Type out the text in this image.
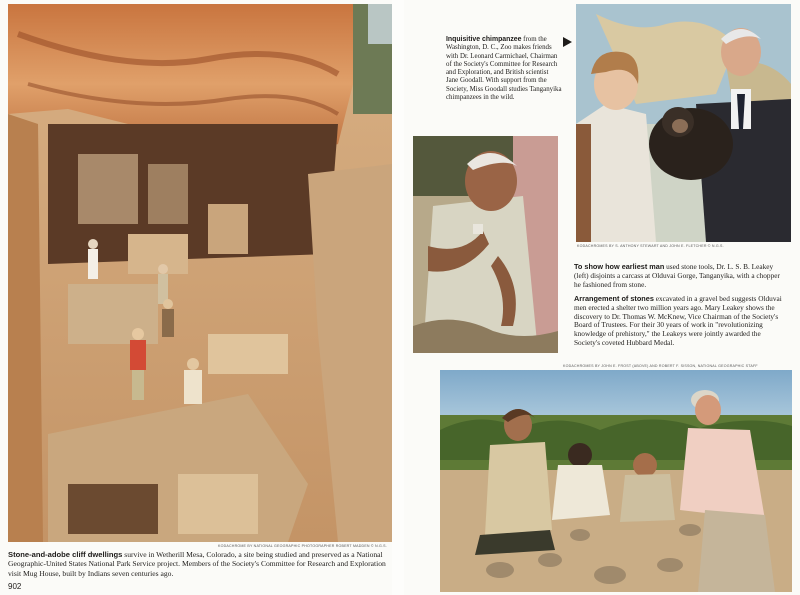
KODACHROME BY NATIONAL GEOGRAPHIC PHOTOGRAPHER ROBERT MADDEN © N.G.S.
Stone-and-adobe cliff dwellings survive in Wetherill Mesa, Colorado, a site being studied and preserved as a National Geographic-United States National Park Service project. Members of the Society's Committee for Research and Exploration visit Mug House, built by Indians seven centuries ago.
902
Inquisitive chimpanzee from the Washington, D. C., Zoo makes friends with Dr. Leonard Carmichael, Chairman of the Society's Committee for Research and Exploration, and British scientist Jane Goodall. With support from the Society, Miss Goodall studies Tanganyika chimpanzees in the wild.
KODACHROMES BY S. ANTHONY STEWART AND JOHN E. FLETCHER © N.G.S.
To show how earliest man used stone tools, Dr. L. S. B. Leakey (left) disjoints a carcass at Olduvai Gorge, Tanganyika, with a chopper he fashioned from stone.
Arrangement of stones excavated in a gravel bed suggests Olduvai men erected a shelter two million years ago. Mary Leakey shows the discovery to Dr. Thomas W. McKnew, Vice Chairman of the Society's Board of Trustees. For their 30 years of work in "revolutionizing knowledge of prehistory," the Leakeys were jointly awarded the Society's coveted Hubbard Medal.
KODACHROMES BY JOHN E. FROST (ABOVE) AND ROBERT F. SISSON, NATIONAL GEOGRAPHIC STAFF
